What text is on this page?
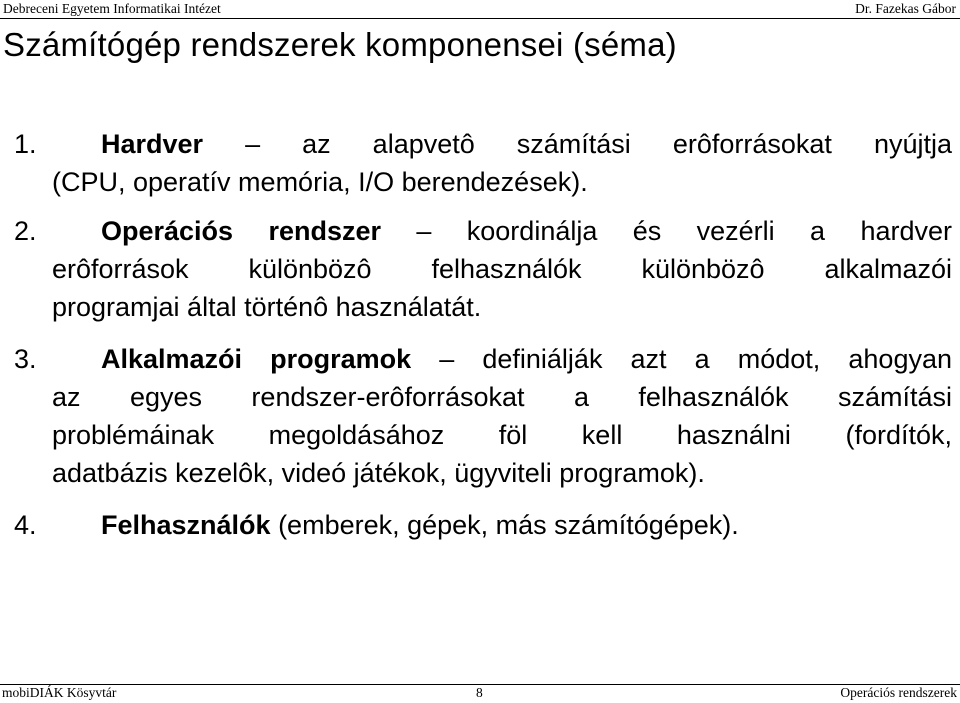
Debreceni Egyetem Informatikai Intézet	Dr. Fazekas Gábor
Számítógép rendszerek komponensei (séma)
1. Hardver – az alapvetô számítási erôforrásokat nyújtja
(CPU, operatív memória, I/O berendezések).
2. Operációs rendszer – koordinálja és vezérli a hardver
erôforrások különbözô felhasználók különbözô alkalmazói
programjai által történô használatát.
3. Alkalmazói programok – definiálják azt a módot, ahogyan
az egyes rendszer-erôforrásokat a felhasználók számítási
problémáinak megoldásához föl kell használni (fordítók,
adatbázis kezelôk, videó játékok, ügyviteli programok).
4. Felhasználók (emberek, gépek, más számítógépek).
mobiDIÁK Kösyvtár	8	Operációs rendszerek
